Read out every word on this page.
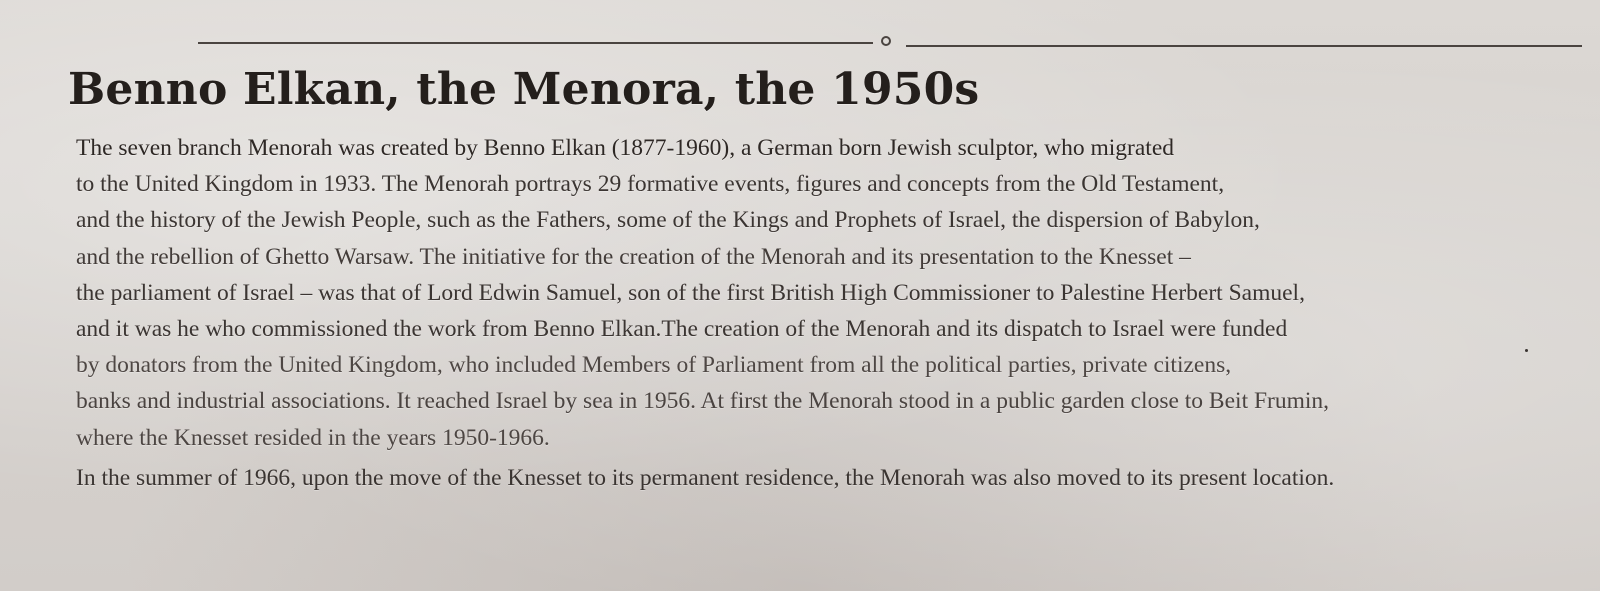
Benno Elkan, the Menora, the 1950s
The seven branch Menorah was created by Benno Elkan (1877-1960), a German born Jewish sculptor, who migrated
to the United Kingdom in 1933. The Menorah portrays 29 formative events, figures and concepts from the Old Testament,
and the history of the Jewish People, such as the Fathers, some of the Kings and Prophets of Israel, the dispersion of Babylon,
and the rebellion of Ghetto Warsaw. The initiative for the creation of the Menorah and its presentation to the Knesset –
the parliament of Israel – was that of Lord Edwin Samuel, son of the first British High Commissioner to Palestine Herbert Samuel,
and it was he who commissioned the work from Benno Elkan.The creation of the Menorah and its dispatch to Israel were funded
by donators from the United Kingdom, who included Members of Parliament from all the political parties, private citizens,
banks and industrial associations. It reached Israel by sea in 1956. At first the Menorah stood in a public garden close to Beit Frumin,
where the Knesset resided in the years 1950-1966.
In the summer of 1966, upon the move of the Knesset to its permanent residence, the Menorah was also moved to its present location.
